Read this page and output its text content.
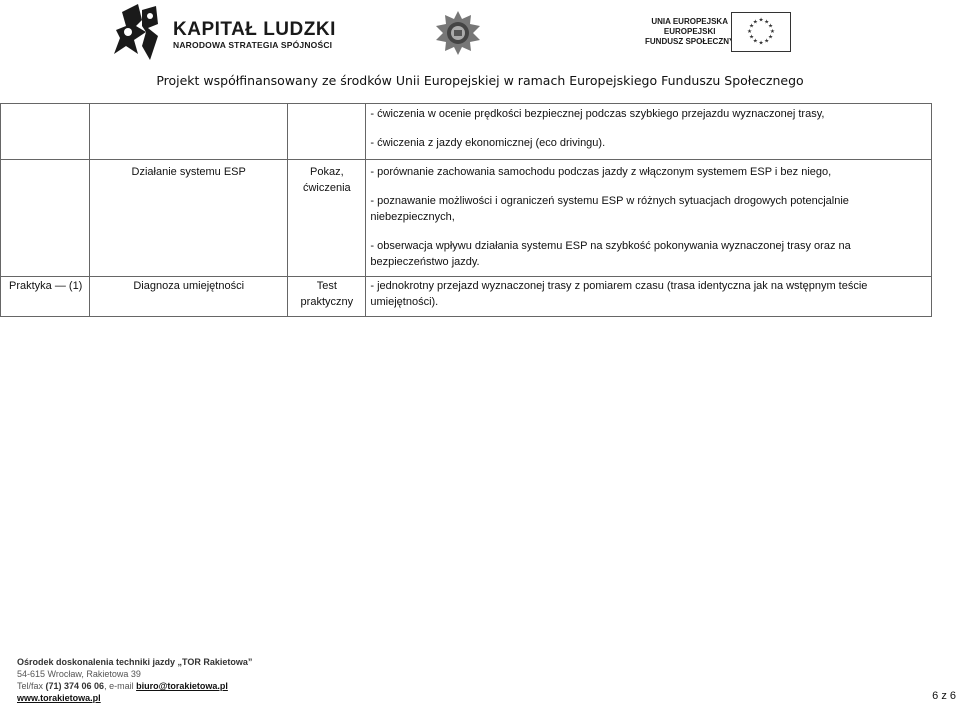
KAPITAŁ LUDZKI
NARODOWA STRATEGIA SPÓJNOŚCI
UNIA EUROPEJSKA
EUROPEJSKI
FUNDUSZ SPOŁECZNY
★ ★
★
★
★
★
★
★
★
★
★
★
Projekt współfinansowany ze środków Unii Europejskiej w ramach Europejskiego Funduszu Społecznego

			- ćwiczenia w ocenie prędkości bezpiecznej podczas szybkiego przejazdu wyznaczonej trasy,

- ćwiczenia z jazdy ekonomicznej (eco drivingu).

	Działanie systemu ESP	Pokaz, ćwiczenia	- porównanie zachowania samochodu podczas jazdy z włączonym systemem ESP i bez niego,

- poznawanie możliwości i ograniczeń systemu ESP w różnych sytuacjach drogowych potencjalnie niebezpiecznych,

- obserwacja wpływu działania systemu ESP na szybkość pokonywania wyznaczonej trasy oraz na bezpieczeństwo jazdy.

Praktyka — (1)	Diagnoza umiejętności	Test praktyczny	- jednokrotny przejazd wyznaczonej trasy z pomiarem czasu (trasa identyczna jak na wstępnym teście umiejętności).
Ośrodek doskonalenia techniki jazdy „TOR Rakietowa”
54-615 Wrocław, Rakietowa 39
Tel/fax (71) 374 06 06, e-mail biuro@torakietowa.pl
www.torakietowa.pl	6 z 6
